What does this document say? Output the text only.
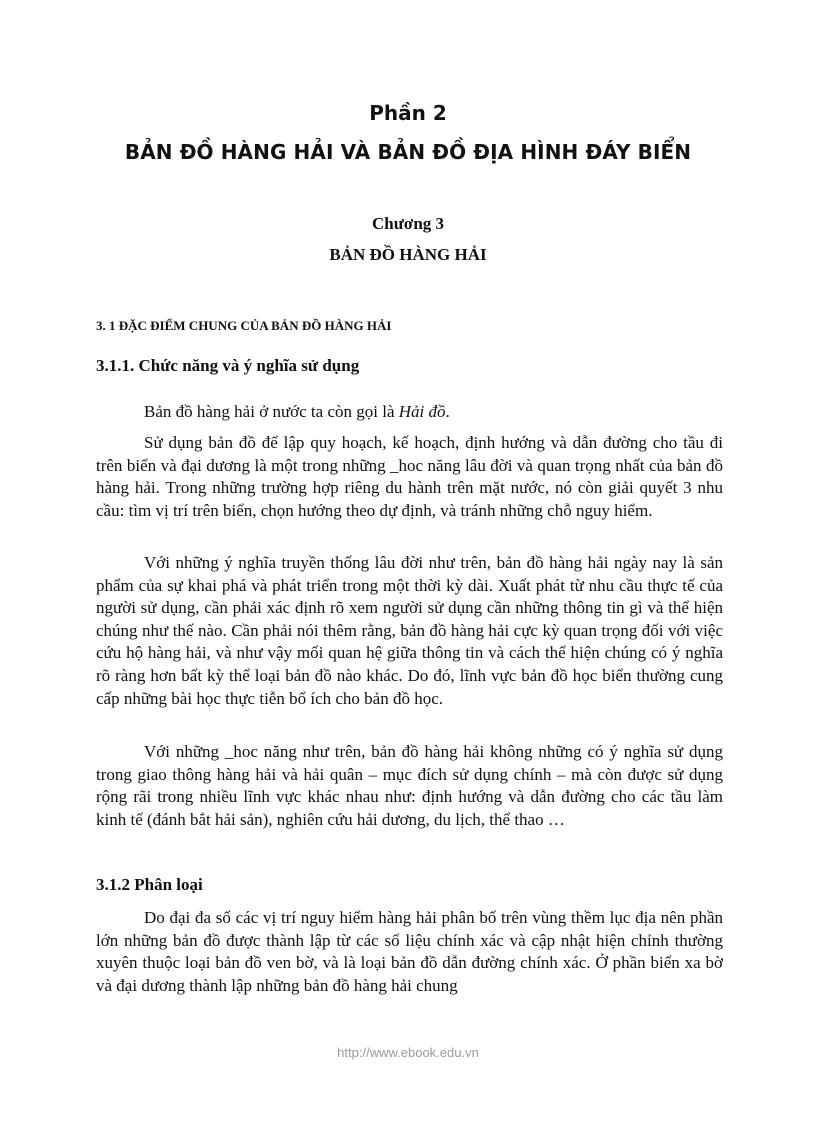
Phần 2
BẢN ĐỒ HÀNG HẢI VÀ BẢN ĐỒ ĐỊA HÌNH ĐÁY BIỂN
Chương 3
BẢN ĐỒ HÀNG HẢI
3. 1 ĐẶC ĐIỂM CHUNG CỦA BẢN ĐỒ HÀNG HẢI
3.1.1. Chức năng và ý nghĩa sử dụng

Bản đồ hàng hải ở nước ta còn gọi là Hải đồ.

Sử dụng bản đồ để lập quy hoạch, kế hoạch, định hướng và dẫn đường cho tầu đi trên biển và đại dương là một trong những _hoc năng lâu đời và quan trọng nhất của bản đồ hàng hải. Trong những trường hợp riêng du hành trên mặt nước, nó còn giải quyết 3 nhu cầu: tìm vị trí trên biển, chọn hướng theo dự định, và tránh những chỗ nguy hiểm.

Với những ý nghĩa truyền thống lâu đời như trên, bản đồ hàng hải ngày nay là sản phẩm của sự khai phá và phát triển trong một thời kỳ dài. Xuất phát từ nhu cầu thực tế của người sử dụng, cần phải xác định rõ xem người sử dụng cần những thông tin gì và thể hiện chúng như thế nào. Cần phải nói thêm rằng, bản đồ hàng hải cực kỳ quan trọng đối với việc cứu hộ hàng hải, và như vậy mối quan hệ giữa thông tin và cách thể hiện chúng có ý nghĩa rõ ràng hơn bất kỳ thể loại bản đồ nào khác. Do đó, lĩnh vực bản đồ học biển thường cung cấp những bài học thực tiễn bổ ích cho bản đồ học.

Với những _hoc năng như trên, bản đồ hàng hải không những có ý nghĩa sử dụng trong giao thông hàng hải và hải quân – mục đích sử dụng chính – mà còn được sử dụng rộng rãi trong nhiều lĩnh vực khác nhau như: định hướng và dẫn đường cho các tầu làm kinh tế (đánh bắt hải sản), nghiên cứu hải dương, du lịch, thể thao …

3.1.2 Phân loại

Do đại đa số các vị trí nguy hiểm hàng hải phân bố trên vùng thềm lục địa nên phần lớn những bản đồ được thành lập từ các số liệu chính xác và cập nhật hiện chỉnh thường xuyên thuộc loại bản đồ ven bờ, và là loại bản đồ dẫn đường chính xác. Ở phần biển xa bờ và đại dương thành lập những bản đồ hàng hải chung

http://www.ebook.edu.vn
